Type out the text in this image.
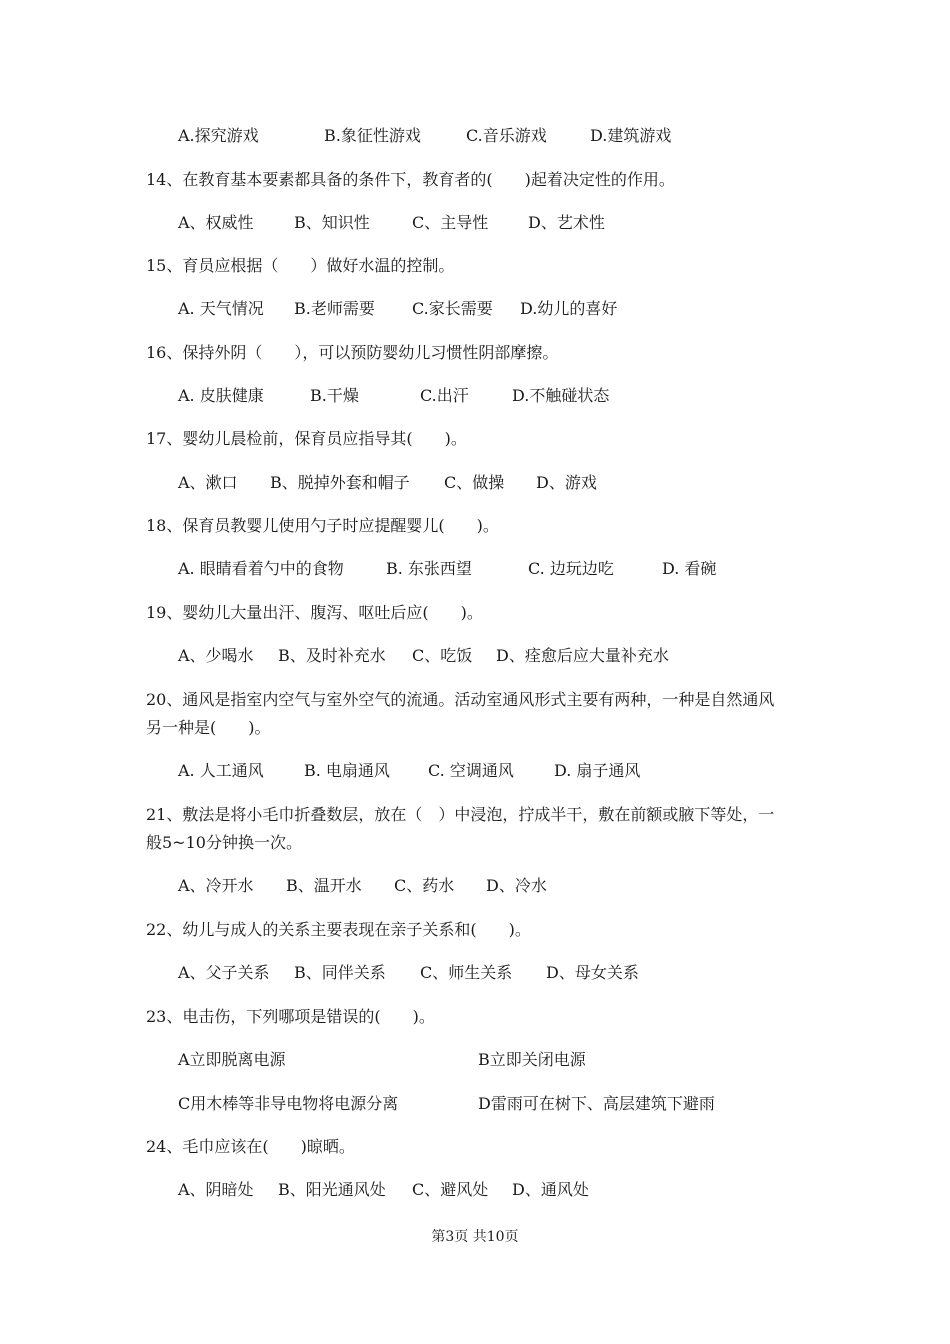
A.探究游戏	B.象征性游戏	C.音乐游戏	D.建筑游戏
14、在教育基本要素都具备的条件下，教育者的(　　)起着决定性的作用。
A、权威性	B、知识性	C、主导性 D、艺术性
15、育员应根据（　　）做好水温的控制。
A. 天气情况 B.老师需要 C.家长需要 D.幼儿的喜好
16、保持外阴（　　），可以预防婴幼儿习惯性阴部摩擦。
A. 皮肤健康	B.干燥	C.出汗	D.不触碰状态
17、婴幼儿晨检前，保育员应指导其(　　)。
A、漱口 B、脱掉外套和帽子 C、做操 D、游戏
18、保育员教婴儿使用勺子时应提醒婴儿(　　)。
A. 眼睛看着勺中的食物	B. 东张西望	C. 边玩边吃	D. 看碗
19、婴幼儿大量出汗、腹泻、呕吐后应(　　)。
A、少喝水 B、及时补充水 C、吃饭 D、痊愈后应大量补充水
20、通风是指室内空气与室外空气的流通。活动室通风形式主要有两种，一种是自然通风
另一种是(　　)。
A. 人工通风	B. 电扇通风 C. 空调通风	D. 扇子通风
21、敷法是将小毛巾折叠数层，放在（　）中浸泡，拧成半干，敷在前额或腋下等处，一
般5~10分钟换一次。
A、冷开水 B、温开水 C、药水 D、冷水
22、幼儿与成人的关系主要表现在亲子关系和(　　)。
A、父子关系 B、同伴关系 C、师生关系 D、母女关系
23、电击伤，下列哪项是错误的(　　)。
A立即脱离电源	B立即关闭电源
C用木棒等非导电物将电源分离	D雷雨可在树下、高层建筑下避雨
24、毛巾应该在(　　)晾晒。
A、阴暗处 B、阳光通风处 C、避风处 D、通风处
第3页 共10页
